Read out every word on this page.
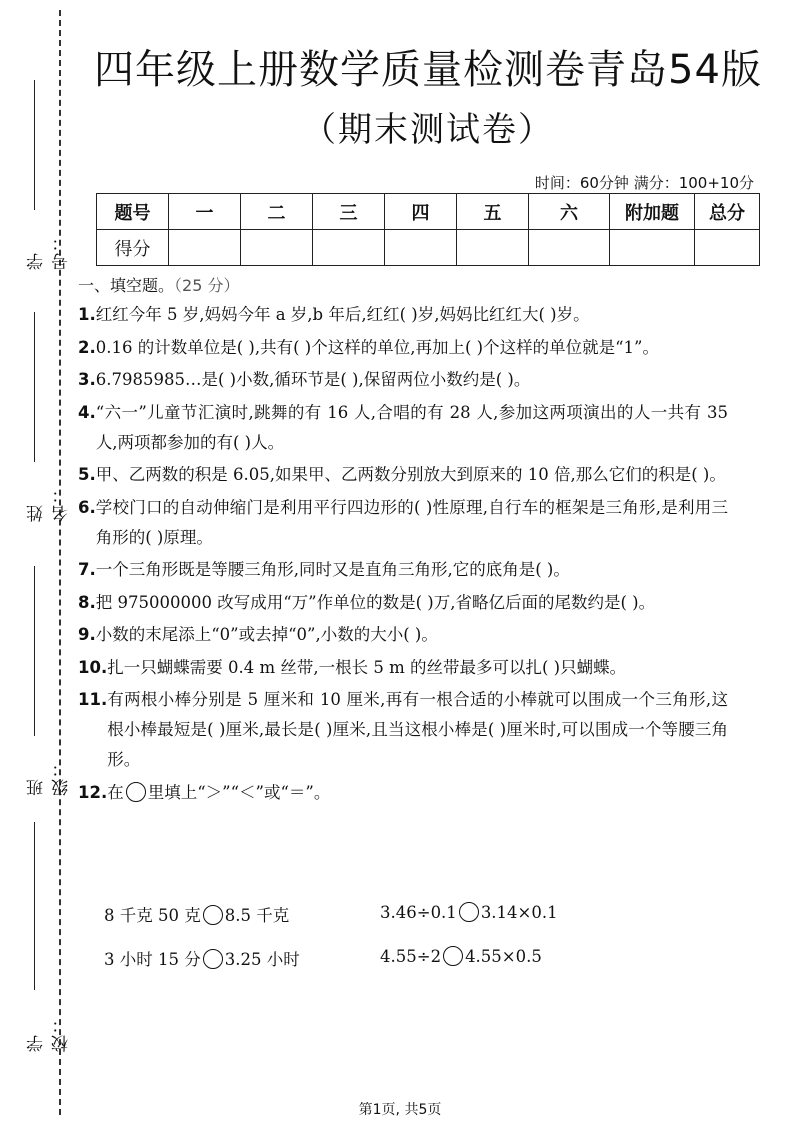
学号：
姓名：
班级：
学校：
四年级上册数学质量检测卷青岛54版
（期末测试卷）
时间：60分钟 满分：100+10分
题号	一	二	三	四	五	六	附加题	总分
得分								
一、填空题。（25 分）
1. 红红今年 5 岁,妈妈今年 a 岁,b 年后,红红( )岁,妈妈比红红大( )岁。
2. 0.16 的计数单位是( ),共有( )个这样的单位,再加上( )个这样的单位就是“1”。
3. 6.7985985…是( )小数,循环节是( ),保留两位小数约是( )。
4. “六一”儿童节汇演时,跳舞的有 16 人,合唱的有 28 人,参加这两项演出的人一共有 35 人,两项都参加的有( )人。
5. 甲、乙两数的积是 6.05,如果甲、乙两数分别放大到原来的 10 倍,那么它们的积是( )。
6. 学校门口的自动伸缩门是利用平行四边形的( )性原理,自行车的框架是三角形,是利用三角形的( )原理。
7. 一个三角形既是等腰三角形,同时又是直角三角形,它的底角是( )。
8. 把 975000000 改写成用“万”作单位的数是( )万,省略亿后面的尾数约是( )。
9. 小数的末尾添上“0”或去掉“0”,小数的大小( )。
10. 扎一只蝴蝶需要 0.4 m 丝带,一根长 5 m 的丝带最多可以扎( )只蝴蝶。
11. 有两根小棒分别是 5 厘米和 10 厘米,再有一根合适的小棒就可以围成一个三角形,这根小棒最短是( )厘米,最长是( )厘米,且当这根小棒是( )厘米时,可以围成一个等腰三角形。
12. 在 里填上“＞”“＜”或“＝”。
8 千克 50 克 8.5 千克	3.46÷0.1 3.14×0.1
3 小时 15 分 3.25 小时	4.55÷2 4.55×0.5
第1页, 共5页
